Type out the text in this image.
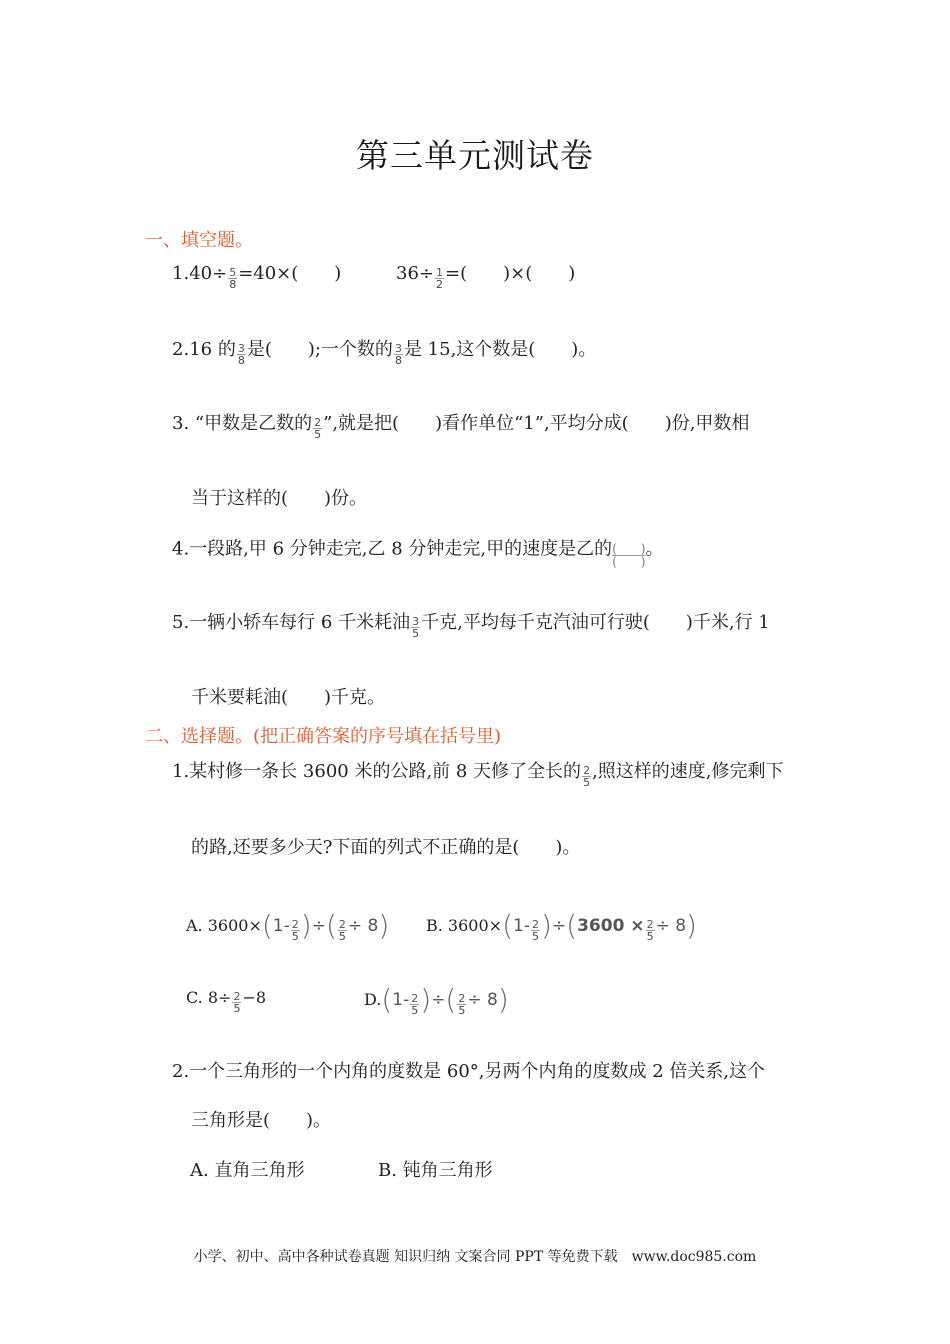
第三单元测试卷
一、填空题。
$1.40\div \frac{5}{8} =40\times$(　　)	$36\div \frac{1}{2}$ =(　　)×(　　)
2.16 的 $\frac{3}{8}$ 是(　　);一个数的 $\frac{3}{8}$ 是 15,这个数是(　　)。
3. “甲数是乙数的 $\frac{2}{5}$ ”,就是把(　　)看作单位“1”,平均分成(　　)份,甲数相
当于这样的(　　)份。
4.一段路,甲 6 分钟走完,乙 8 分钟走完,甲的速度是乙的 (　　)
(　　)
。
5.一辆小轿车每行 6 千米耗油 $\frac{3}{5}$ 千克,平均每千克汽油可行驶(　　)千米,行 1
千米要耗油(　　)千克。
二、选择题。(把正确答案的序号填在括号里)
1.某村修一条长 3600 米的公路,前 8 天修了全长的 $\frac{2}{5}$ ,照这样的速度,修完剩下
的路,还要多少天?下面的列式不正确的是(　　)。
A. $3600\times(1- \frac{2}{5}$ )÷( $\frac{2}{5} \div 8$) B. $3600\times(1- \frac{2}{5} )\div(3600 \times \frac{2}{5} \div 8)$
C. $8\div \frac{2}{5} -8$	$D.(1- \frac{2}{5}$ )÷( $\frac{2}{5} \div 8$)
2.一个三角形的一个内角的度数是 60°,另两个内角的度数成 2 倍关系,这个
三角形是(　　)。
A. 直角三角形	B. 钝角三角形
小学、初中、高中各种试卷真题 知识归纳 文案合同 PPT 等免费下载　www.doc985.com
